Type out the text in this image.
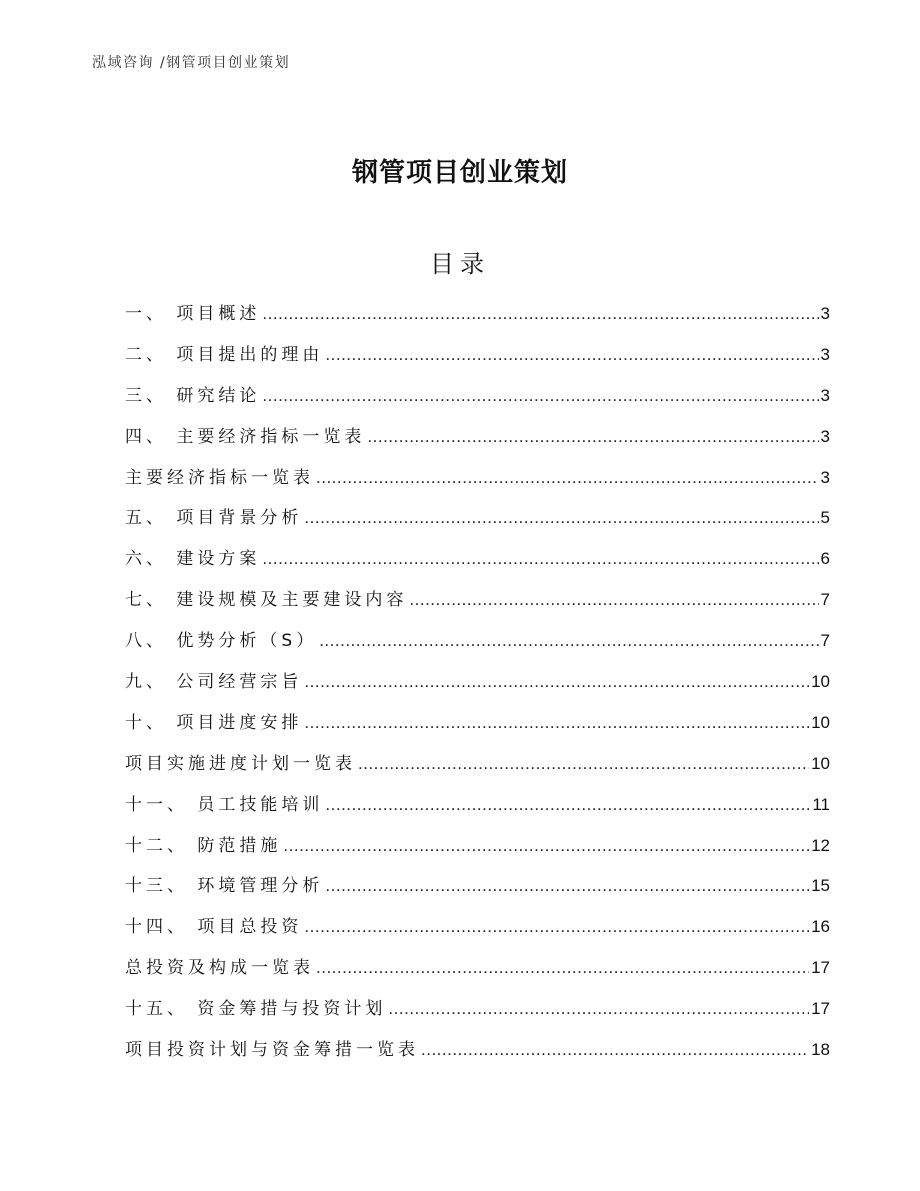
泓域咨询 /钢管项目创业策划
钢管项目创业策划
目录
一、 项目概述 .....	3
二、 项目提出的理由 .....	3
三、 研究结论 .....	3
四、 主要经济指标一览表 .....	3
主要经济指标一览表 .....	3
五、 项目背景分析 .....	5
六、 建设方案 .....	6
七、 建设规模及主要建设内容 .....	7
八、 优势分析（S） .....	7
九、 公司经营宗旨 .....	10
十、 项目进度安排 .....	10
项目实施进度计划一览表 .....	10
十一、 员工技能培训 .....	11
十二、 防范措施 .....	12
十三、 环境管理分析 .....	15
十四、 项目总投资 .....	16
总投资及构成一览表 .....	17
十五、 资金筹措与投资计划 .....	17
项目投资计划与资金筹措一览表 .....	18
